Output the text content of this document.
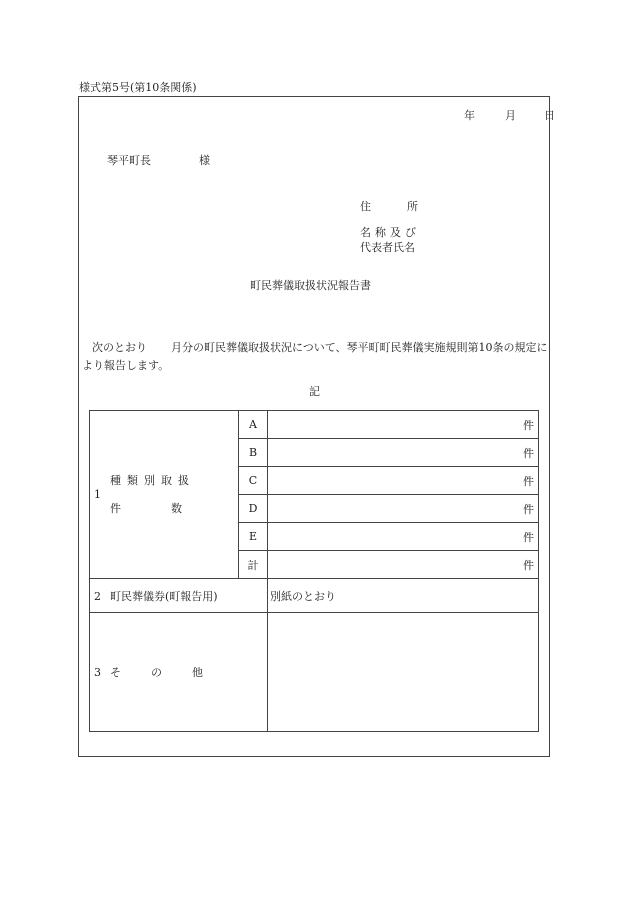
様式第5号(第10条関係)
年	月	日
琴平町長	様
住	所
名称及び
代表者氏名
町民葬儀取扱状況報告書
次のとおり 月分の町民葬儀取扱状況について、琴平町町民葬儀実施規則第10条の規定により報告します。
記
1
種類別取扱
件 数	A	件
	B	件
	C	件
	D	件
	E	件
	計	件
2 町民葬儀券(町報告用)		別紙のとおり
3 そ の 他		
